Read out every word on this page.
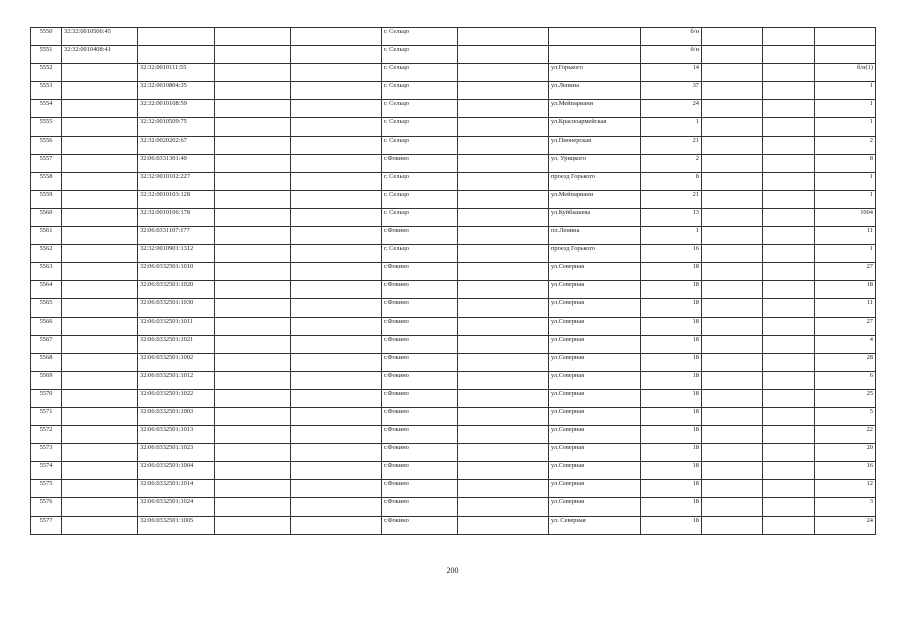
5550	32:32:0010506:45				г. Сельцо			б/н			
5551	32:32:0010408:41				г. Сельцо			б/н			
5552		32:32:0010111:55			г. Сельцо		ул.Горького	14			б/н(1)
5553		32:32:0010804:35			г. Сельцо		ул.Ленина	37			1
5554		32:32:0010108:59			г. Сельцо		ул.Мейпариани	24			1
5555		32:32:0010509:75			г. Сельцо		ул.Красноармейская	1			1
5556		32:32:0020202:67			г. Сельцо		ул.Пионерская	21			2
5557		32:06:0331301:49			г.Фокино		ул. Урицкого	2			8
5558		32:32:0010102:227			г. Сельцо		проезд Горького	8			1
5559		32:32:0010103:128			г. Сельцо		ул.Мейпариани	21			1
5560		32:32:0010106:178			г. Сельцо		ул.Куйбышева	13			1004
5561		32:06:0331107:177			г.Фокино		пл.Ленина	1			11
5562		32:32:0010901:1312			г. Сельцо		проезд Горького	16			1
5563		32:06:0332501:1010			г.Фокино		ул.Северная	18			27
5564		32:06:0332501:1020			г.Фокино		ул.Северная	18			18
5565		32:06:0332501:1030			г.Фокино		ул.Северная	18			11
5566		32:06:0332501:1011			г.Фокино		ул.Северная	18			27
5567		32:06:0332501:1021			г.Фокино		ул.Северная	18			4
5568		32:06:0332501:1002			г.Фокино		ул.Северная	18			28
5569		32:06:0332501:1012			г.Фокино		ул.Северная	18			6
5570		32:06:0332501:1022			г.Фокино		ул.Северная	18			25
5571		32:06:0332501:1003			г.Фокино		ул.Северная	18			5
5572		32:06:0332501:1013			г.Фокино		ул.Северная	18			22
5573		32:06:0332501:1023			г.Фокино		ул.Северная	18			20
5574		32:06:0332501:1004			г.Фокино		ул.Северная	18			16
5575		32:06:0332501:1014			г.Фокино		ул.Северная	18			12
5576		32:06:0332501:1024			г.Фокино		ул.Северная	18			3
5577		32:06:0332501:1005			г.Фокино		ул. Северная	18			24
200
